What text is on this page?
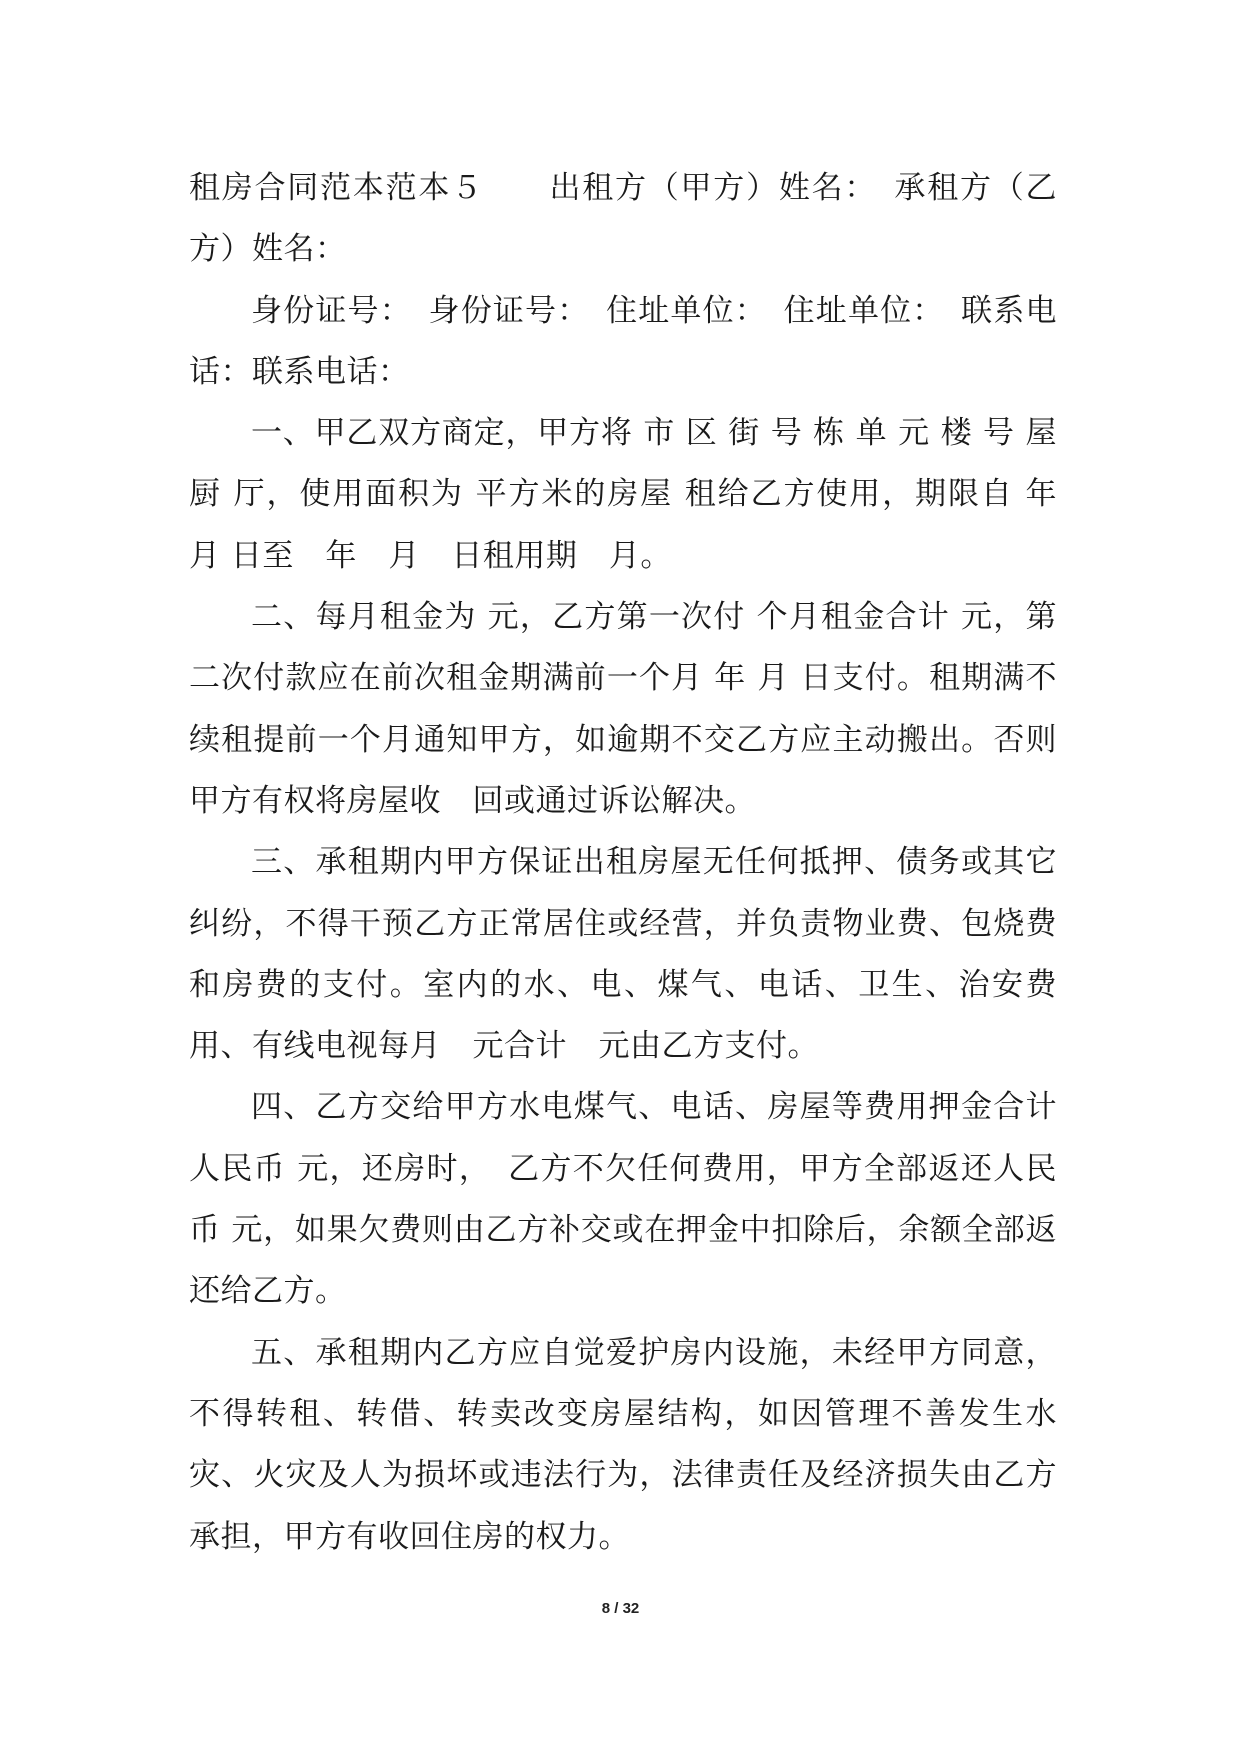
租房合同范本范本５　　出租方（甲方）姓名：　承租方（乙方）姓名：

身份证号：　身份证号：　住址单位：　住址单位：　联系电话：联系电话：

一、甲乙双方商定，甲方将 市 区 街 号 栋 单 元 楼 号 屋 厨 厅，使用面积为 平方米的房屋 租给乙方使用，期限自 年 月 日至　年　月　日租用期　月。

二、每月租金为 元，乙方第一次付 个月租金合计 元，第二次付款应在前次租金期满前一个月 年 月 日支付。租期满不续租提前一个月通知甲方，如逾期不交乙方应主动搬出。否则甲方有权将房屋收　回或通过诉讼解决。

三、承租期内甲方保证出租房屋无任何抵押、债务或其它纠纷，不得干预乙方正常居住或经营，并负责物业费、包烧费和房费的支付。室内的水、电、煤气、电话、卫生、治安费用、有线电视每月　元合计　元由乙方支付。

四、乙方交给甲方水电煤气、电话、房屋等费用押金合计人民币 元，还房时，　乙方不欠任何费用，甲方全部返还人民币 元，如果欠费则由乙方补交或在押金中扣除后，余额全部返还给乙方。

五、承租期内乙方应自觉爱护房内设施，未经甲方同意，不得转租、转借、转卖改变房屋结构，如因管理不善发生水灾、火灾及人为损坏或违法行为，法律责任及经济损失由乙方承担，甲方有收回住房的权力。

8 / 32
